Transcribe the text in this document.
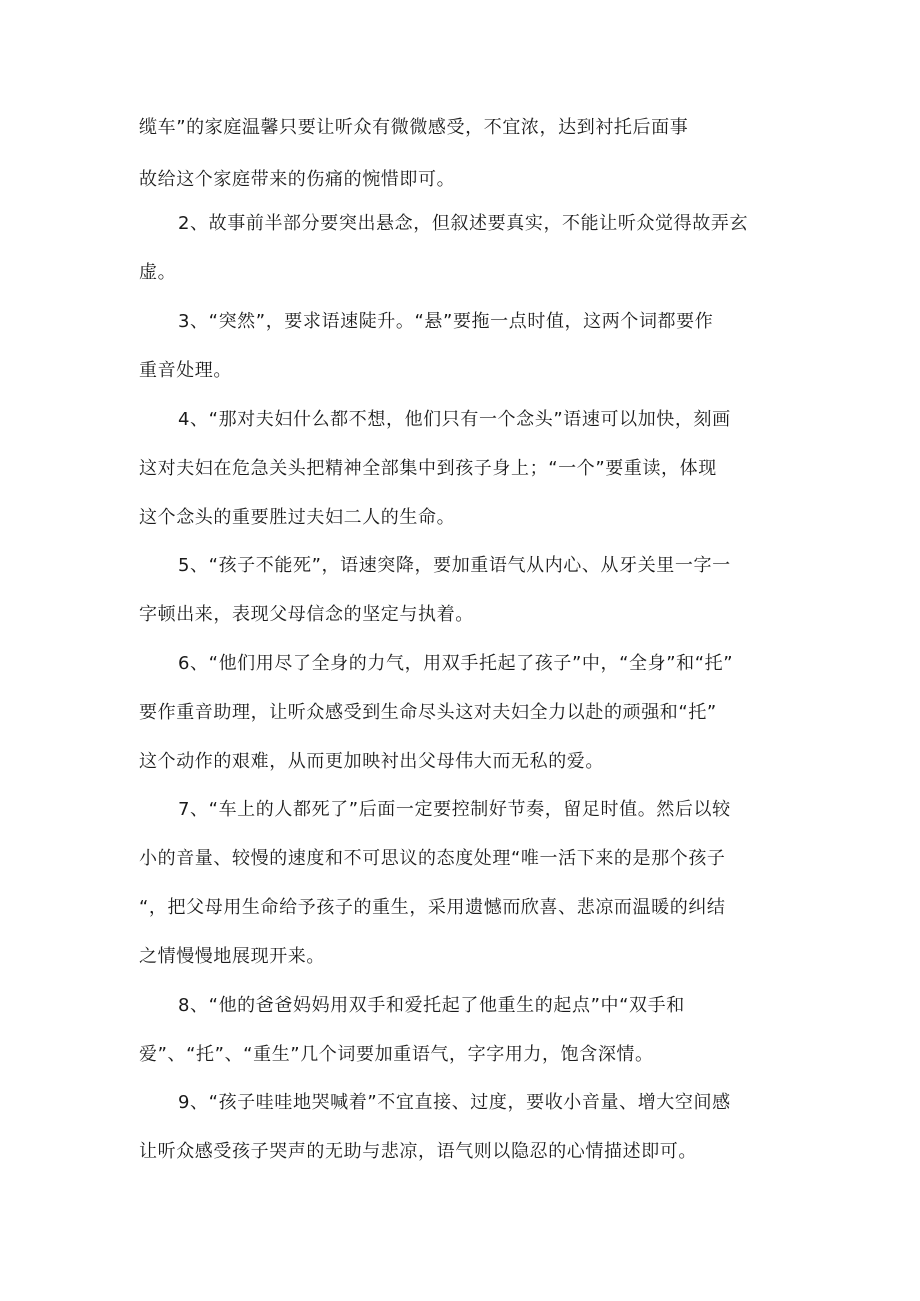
缆车”的家庭温馨只要让听众有微微感受，不宜浓，达到衬托后面事
故给这个家庭带来的伤痛的惋惜即可。
2、故事前半部分要突出悬念，但叙述要真实，不能让听众觉得故弄玄
虚。
3、“突然”，要求语速陡升。“悬”要拖一点时值，这两个词都要作
重音处理。
4、“那对夫妇什么都不想，他们只有一个念头”语速可以加快，刻画
这对夫妇在危急关头把精神全部集中到孩子身上；“一个”要重读，体现
这个念头的重要胜过夫妇二人的生命。
5、“孩子不能死”，语速突降，要加重语气从内心、从牙关里一字一
字顿出来，表现父母信念的坚定与执着。
6、“他们用尽了全身的力气，用双手托起了孩子”中，“全身”和“托”
要作重音助理，让听众感受到生命尽头这对夫妇全力以赴的顽强和“托”
这个动作的艰难，从而更加映衬出父母伟大而无私的爱。
7、“车上的人都死了”后面一定要控制好节奏，留足时值。然后以较
小的音量、较慢的速度和不可思议的态度处理“唯一活下来的是那个孩子
“，把父母用生命给予孩子的重生，采用遗憾而欣喜、悲凉而温暖的纠结
之情慢慢地展现开来。
8、“他的爸爸妈妈用双手和爱托起了他重生的起点”中“双手和
爱”、“托”、“重生”几个词要加重语气，字字用力，饱含深情。
9、“孩子哇哇地哭喊着”不宜直接、过度，要收小音量、增大空间感
让听众感受孩子哭声的无助与悲凉，语气则以隐忍的心情描述即可。
